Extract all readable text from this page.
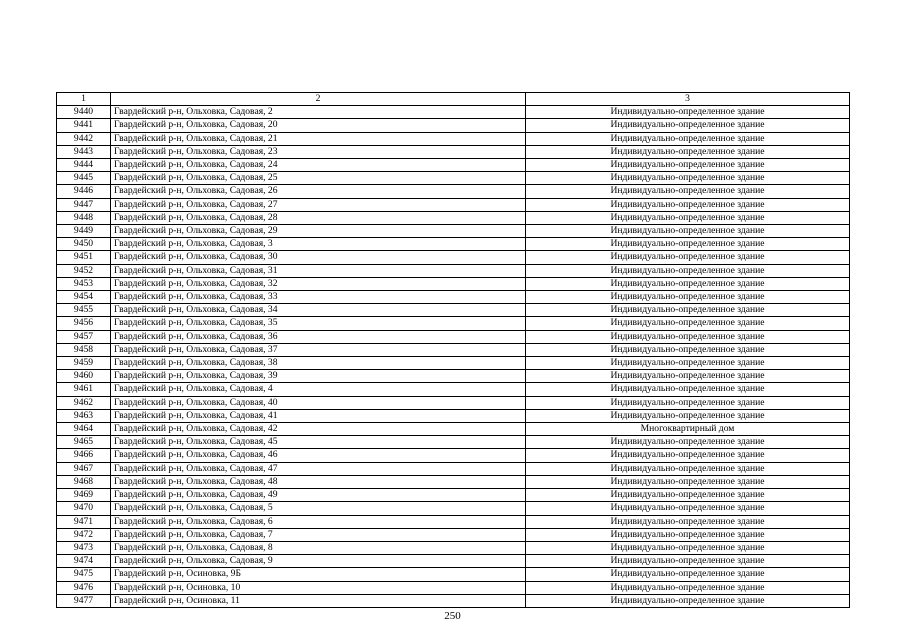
1	2	3
9440	Гвардейский р-н, Ольховка, Садовая, 2	Индивидуально-определенное здание
9441	Гвардейский р-н, Ольховка, Садовая, 20	Индивидуально-определенное здание
9442	Гвардейский р-н, Ольховка, Садовая, 21	Индивидуально-определенное здание
9443	Гвардейский р-н, Ольховка, Садовая, 23	Индивидуально-определенное здание
9444	Гвардейский р-н, Ольховка, Садовая, 24	Индивидуально-определенное здание
9445	Гвардейский р-н, Ольховка, Садовая, 25	Индивидуально-определенное здание
9446	Гвардейский р-н, Ольховка, Садовая, 26	Индивидуально-определенное здание
9447	Гвардейский р-н, Ольховка, Садовая, 27	Индивидуально-определенное здание
9448	Гвардейский р-н, Ольховка, Садовая, 28	Индивидуально-определенное здание
9449	Гвардейский р-н, Ольховка, Садовая, 29	Индивидуально-определенное здание
9450	Гвардейский р-н, Ольховка, Садовая, 3	Индивидуально-определенное здание
9451	Гвардейский р-н, Ольховка, Садовая, 30	Индивидуально-определенное здание
9452	Гвардейский р-н, Ольховка, Садовая, 31	Индивидуально-определенное здание
9453	Гвардейский р-н, Ольховка, Садовая, 32	Индивидуально-определенное здание
9454	Гвардейский р-н, Ольховка, Садовая, 33	Индивидуально-определенное здание
9455	Гвардейский р-н, Ольховка, Садовая, 34	Индивидуально-определенное здание
9456	Гвардейский р-н, Ольховка, Садовая, 35	Индивидуально-определенное здание
9457	Гвардейский р-н, Ольховка, Садовая, 36	Индивидуально-определенное здание
9458	Гвардейский р-н, Ольховка, Садовая, 37	Индивидуально-определенное здание
9459	Гвардейский р-н, Ольховка, Садовая, 38	Индивидуально-определенное здание
9460	Гвардейский р-н, Ольховка, Садовая, 39	Индивидуально-определенное здание
9461	Гвардейский р-н, Ольховка, Садовая, 4	Индивидуально-определенное здание
9462	Гвардейский р-н, Ольховка, Садовая, 40	Индивидуально-определенное здание
9463	Гвардейский р-н, Ольховка, Садовая, 41	Индивидуально-определенное здание
9464	Гвардейский р-н, Ольховка, Садовая, 42	Многоквартирный дом
9465	Гвардейский р-н, Ольховка, Садовая, 45	Индивидуально-определенное здание
9466	Гвардейский р-н, Ольховка, Садовая, 46	Индивидуально-определенное здание
9467	Гвардейский р-н, Ольховка, Садовая, 47	Индивидуально-определенное здание
9468	Гвардейский р-н, Ольховка, Садовая, 48	Индивидуально-определенное здание
9469	Гвардейский р-н, Ольховка, Садовая, 49	Индивидуально-определенное здание
9470	Гвардейский р-н, Ольховка, Садовая, 5	Индивидуально-определенное здание
9471	Гвардейский р-н, Ольховка, Садовая, 6	Индивидуально-определенное здание
9472	Гвардейский р-н, Ольховка, Садовая, 7	Индивидуально-определенное здание
9473	Гвардейский р-н, Ольховка, Садовая, 8	Индивидуально-определенное здание
9474	Гвардейский р-н, Ольховка, Садовая, 9	Индивидуально-определенное здание
9475	Гвардейский р-н, Осиновка, 9Б	Индивидуально-определенное здание
9476	Гвардейский р-н, Осиновка, 10	Индивидуально-определенное здание
9477	Гвардейский р-н, Осиновка, 11	Индивидуально-определенное здание
250
